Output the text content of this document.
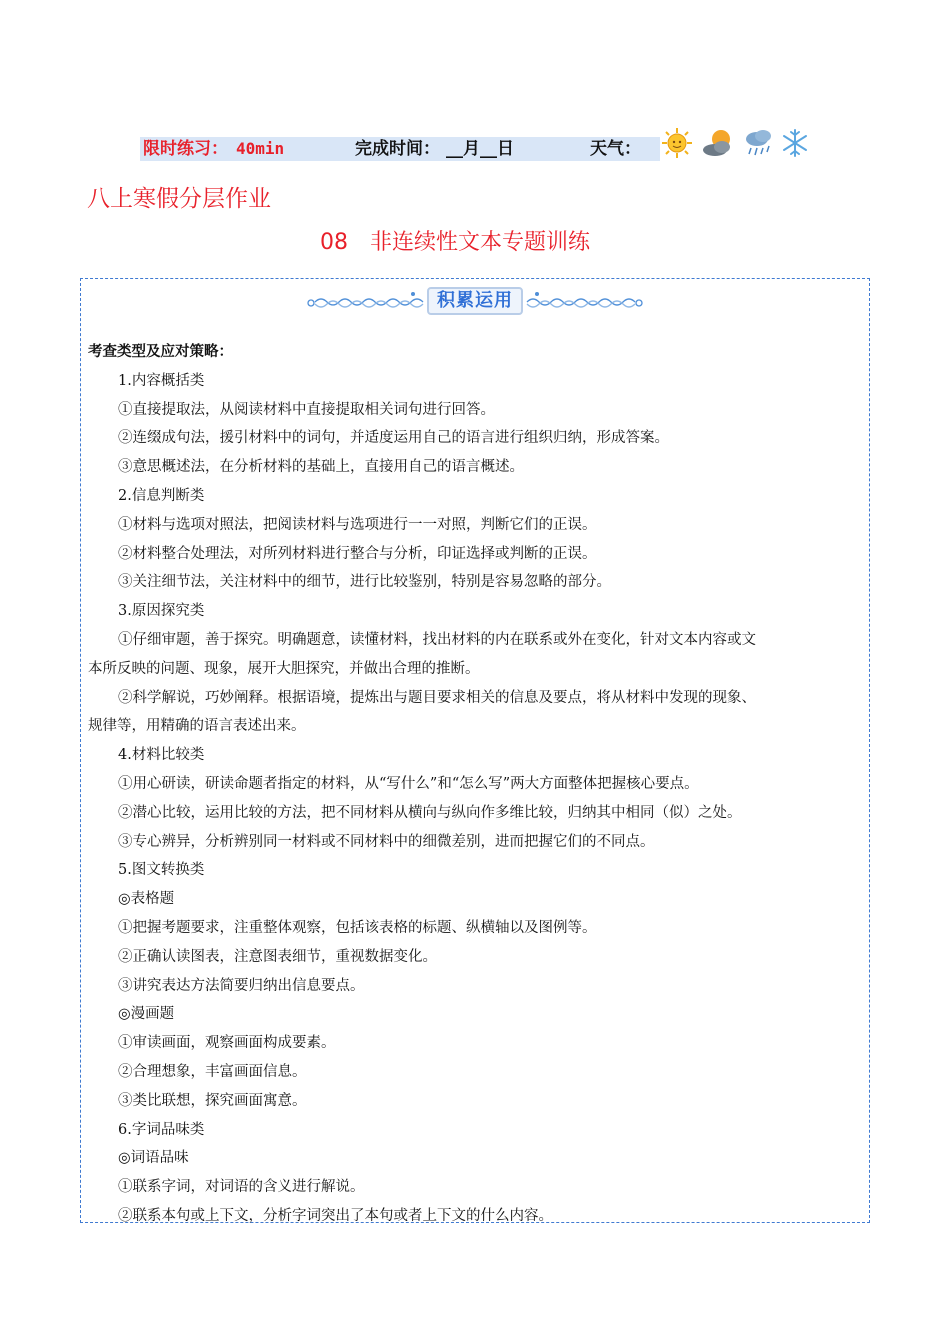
限时练习： 40min	完成时间： __月__日	天气：
八上寒假分层作业
08 非连续性文本专题训练
积累运用
考查类型及应对策略：
1.内容概括类
①直接提取法，从阅读材料中直接提取相关词句进行回答。
②连缀成句法，援引材料中的词句，并适度运用自己的语言进行组织归纳，形成答案。
③意思概述法，在分析材料的基础上，直接用自己的语言概述。
2.信息判断类
①材料与选项对照法，把阅读材料与选项进行一一对照，判断它们的正误。
②材料整合处理法，对所列材料进行整合与分析，印证选择或判断的正误。
③关注细节法，关注材料中的细节，进行比较鉴别，特别是容易忽略的部分。
3.原因探究类
①仔细审题，善于探究。明确题意，读懂材料，找出材料的内在联系或外在变化，针对文本内容或文
本所反映的问题、现象，展开大胆探究，并做出合理的推断。
②科学解说，巧妙阐释。根据语境，提炼出与题目要求相关的信息及要点，将从材料中发现的现象、
规律等，用精确的语言表述出来。
4.材料比较类
①用心研读，研读命题者指定的材料，从“写什么”和“怎么写”两大方面整体把握核心要点。
②潜心比较，运用比较的方法，把不同材料从横向与纵向作多维比较，归纳其中相同（似）之处。
③专心辨异，分析辨别同一材料或不同材料中的细微差别，进而把握它们的不同点。
5.图文转换类
◎表格题
①把握考题要求，注重整体观察，包括该表格的标题、纵横轴以及图例等。
②正确认读图表，注意图表细节，重视数据变化。
③讲究表达方法简要归纳出信息要点。
◎漫画题
①审读画面，观察画面构成要素。
②合理想象，丰富画面信息。
③类比联想，探究画面寓意。
6.字词品味类
◎词语品味
①联系字词，对词语的含义进行解说。
②联系本句或上下文，分析字词突出了本句或者上下文的什么内容。
